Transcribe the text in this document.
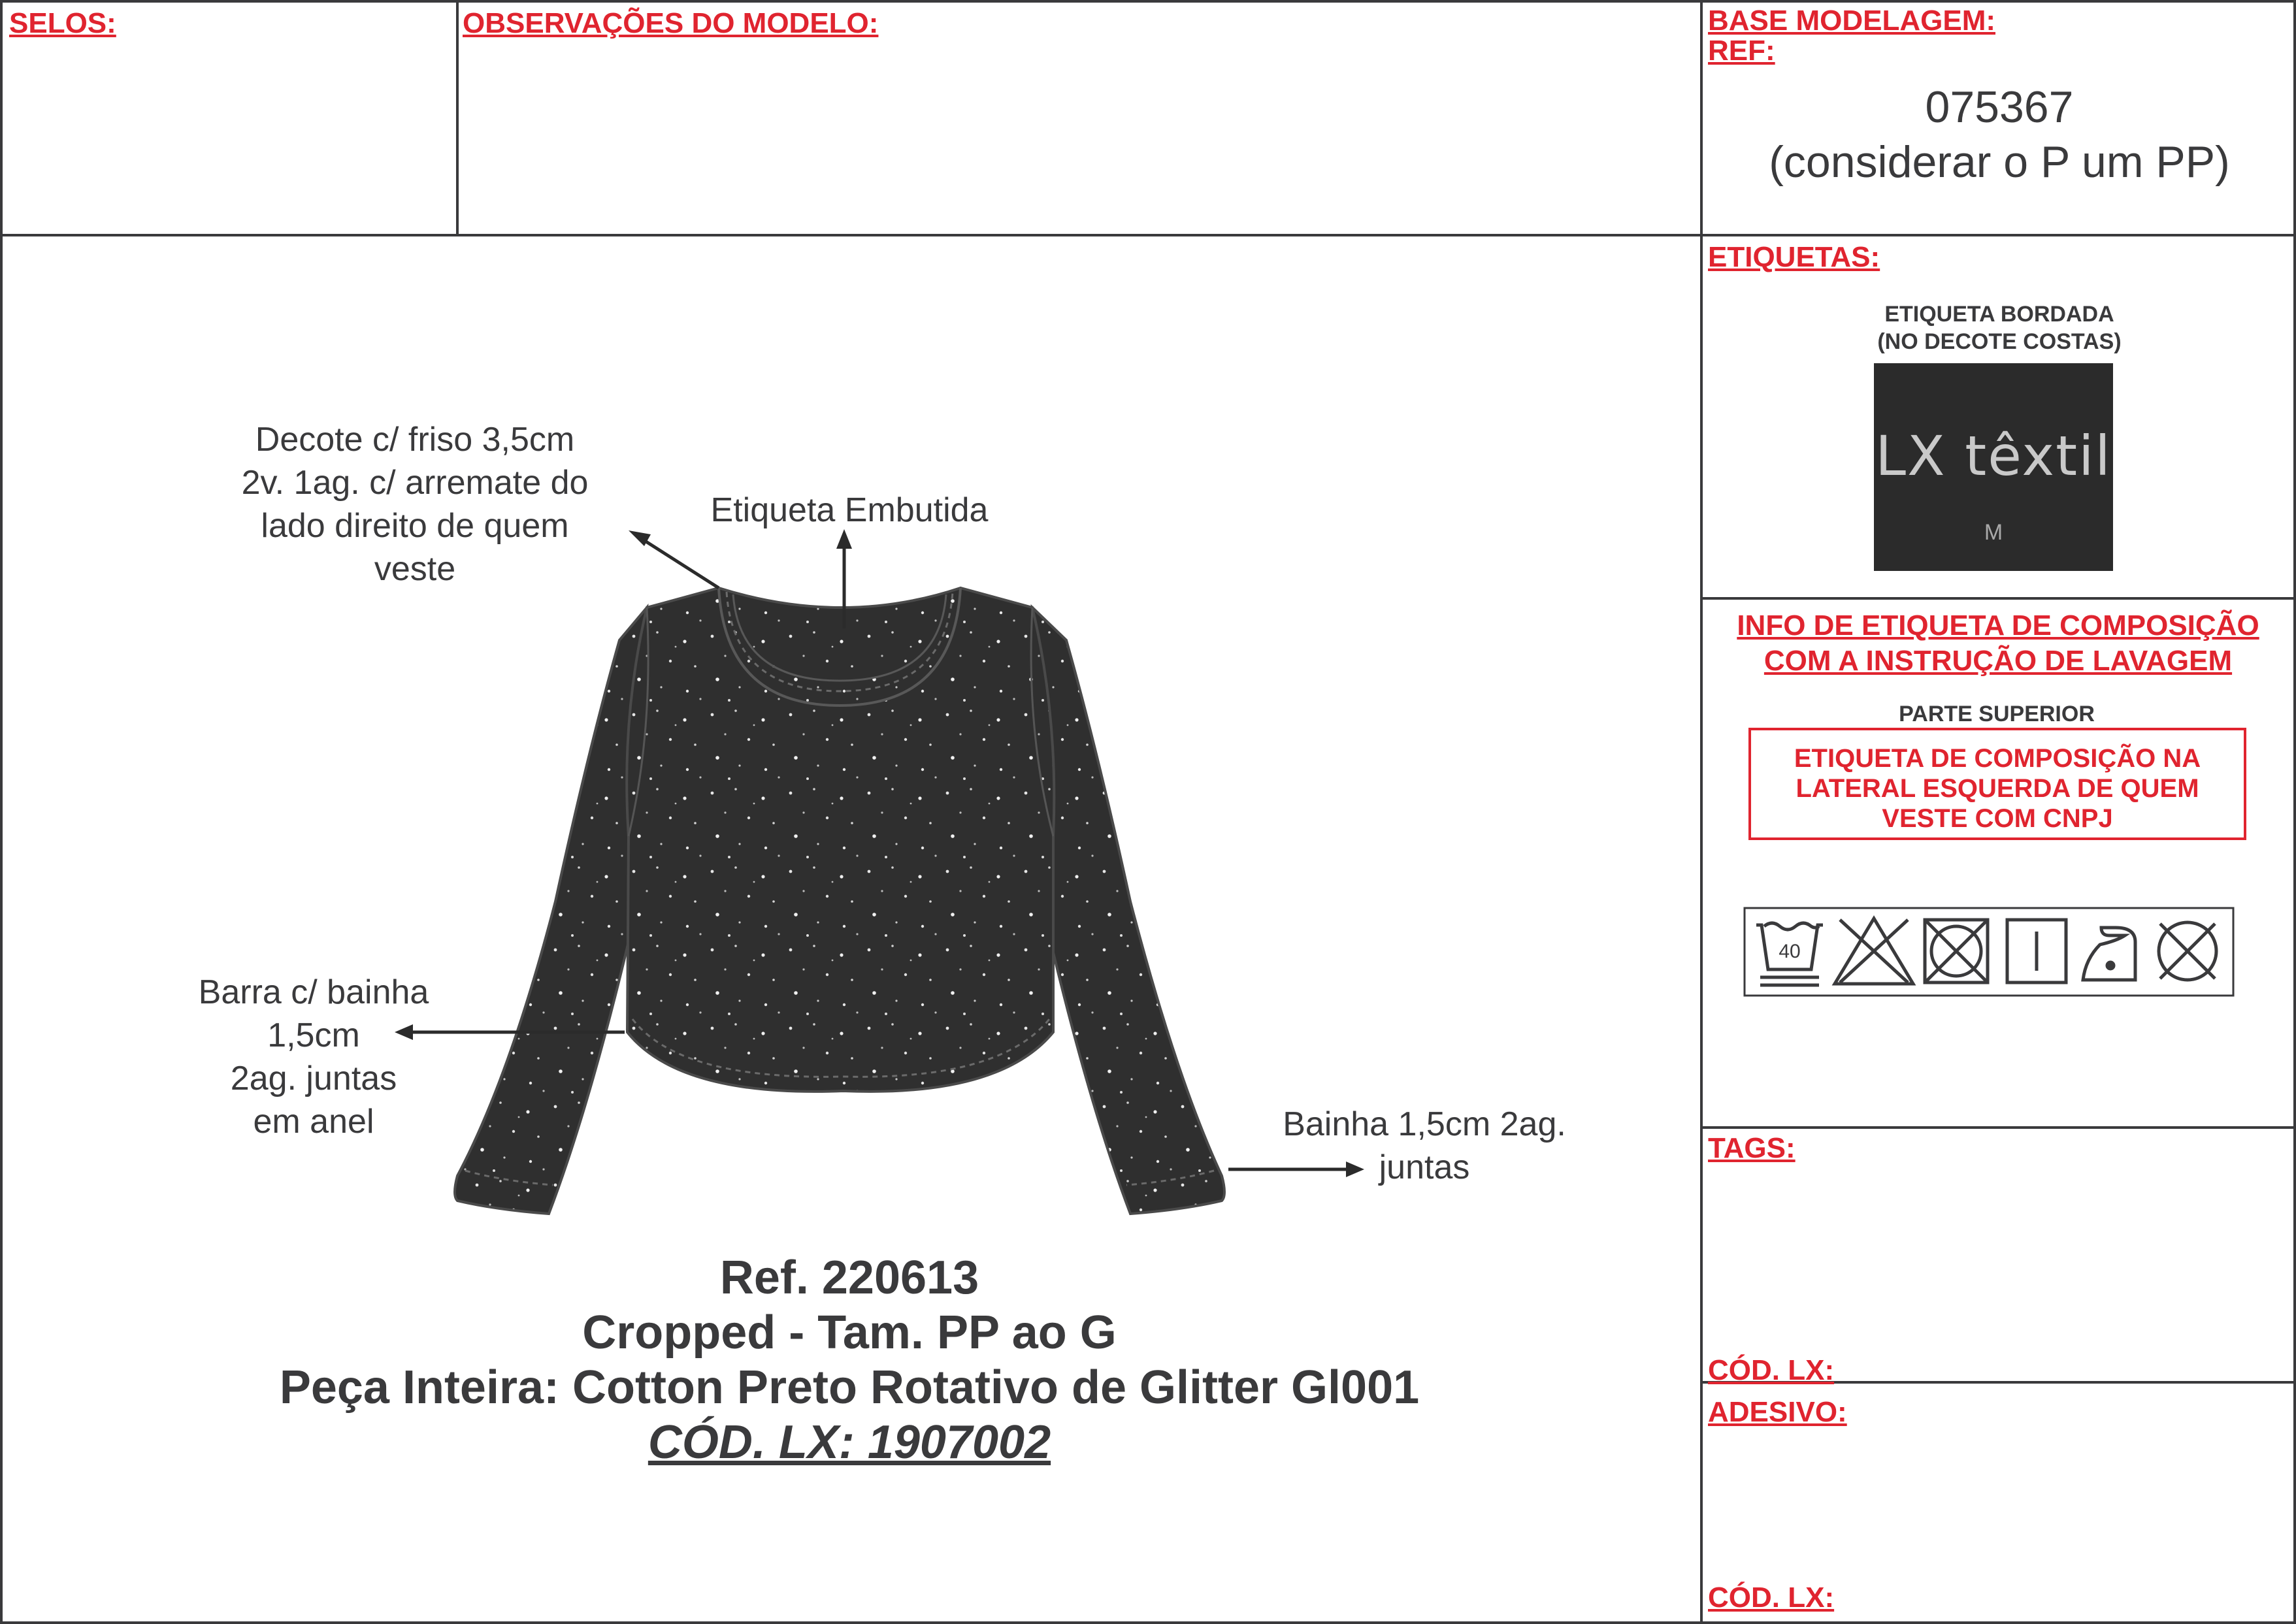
SELOS:	OBSERVAÇÕES DO MODELO:	BASE MODELAGEM:
REF:
075367
(considerar o P um PP)
ETIQUETAS:
ETIQUETA BORDADA
(NO DECOTE COSTAS)
LX têxtil
M
INFO DE ETIQUETA DE COMPOSIÇÃO
COM A INSTRUÇÃO DE LAVAGEM
PARTE SUPERIOR
ETIQUETA DE COMPOSIÇÃO NA
LATERAL ESQUERDA DE QUEM
VESTE COM CNPJ
40
TAGS:
CÓD. LX:
ADESIVO:
CÓD. LX:
Decote c/ friso 3,5cm
2v. 1ag. c/ arremate do
lado direito de quem
veste
Etiqueta Embutida
Barra c/ bainha
1,5cm
2ag. juntas
em anel	Bainha 1,5cm 2ag.
juntas
Ref. 220613
Cropped - Tam. PP ao G
Peça Inteira: Cotton Preto Rotativo de Glitter Gl001
CÓD. LX: 1907002
